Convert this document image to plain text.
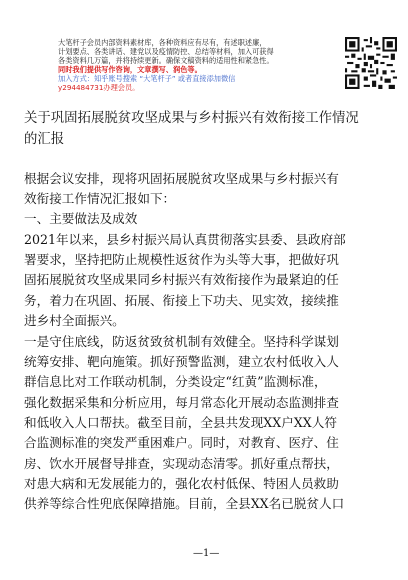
大笔杆子会员内部资料素材库，各种资料应有尽有，有述职述廉，
计划要点、各类讲话、建党以及疫情防控、总结等材料，加入可获得
各类资料几万篇，并将持续更新。确保文稿资料的适用性和紧急性。
同时我们提供写作咨询，文章撰写、润色等。
加入方式：知乎账号搜索 “大笔杆子” 或者直接添加微信
y2944847​31办理会员。
关于巩固拓展脱贫攻坚成果与乡村振兴有效衔接工作情况
的汇报
根据会议安排，现将巩固拓展脱贫攻坚成果与乡村振兴有
效衔接工作情况汇报如下：
一、主要做法及成效
2021年以来，县乡村振兴局认真贯彻落实县委、县政府部
署要求，坚持把防止规模性返贫作为头等大事，把做好巩
固拓展脱贫攻坚成果同乡村振兴有效衔接作为最紧迫的任
务，着力在巩固、拓展、衔接上下功夫、见实效，接续推
进乡村全面振兴。
一是守住底线，防返贫致贫机制有效健全。坚持科学谋划
统筹安排、靶向施策。抓好预警监测，建立农村低收入人
群信息比对工作联动机制，分类设定“红黄”监测标准，
强化数据采集和分析应用，每月常态化开展动态监测排查
和低收入人口帮扶。截至目前，全县共发现XX户XX人符
合监测标准的突发严重困难户。同时，对教育、医疗、住
房、饮水开展督导排查，实现动态清零。抓好重点帮扶，
对患大病和无发展能力的，强化农村低保、特困人员救助
供养等综合性兜底保障措施。目前，全县XX名已脱贫人口
—1—
